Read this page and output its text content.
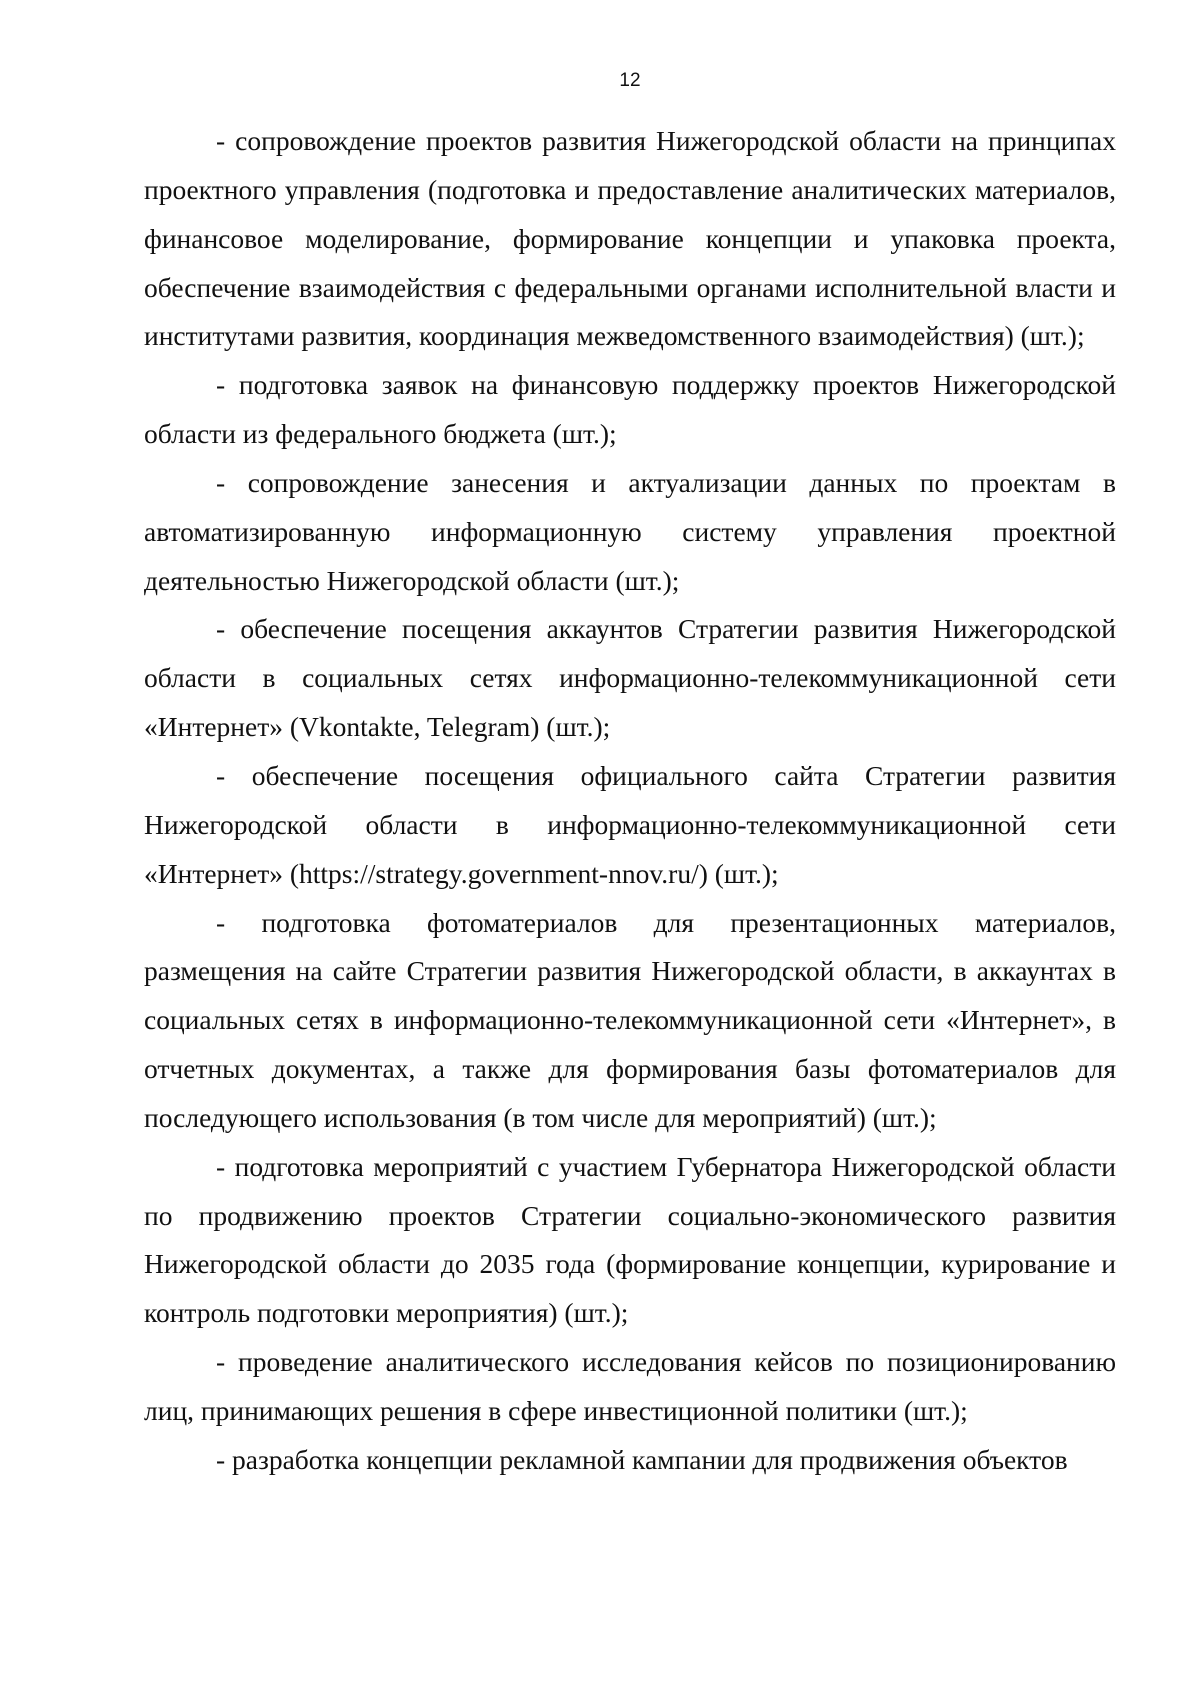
12

- сопровождение проектов развития Нижегородской области на принципах проектного управления (подготовка и предоставление аналитических материалов, финансовое моделирование, формирование концепции и упаковка проекта, обеспечение взаимодействия с федеральными органами исполнительной власти и институтами развития, координация межведомственного взаимодействия) (шт.);

- подготовка заявок на финансовую поддержку проектов Нижегородской области из федерального бюджета (шт.);

- сопровождение занесения и актуализации данных по проектам в автоматизированную информационную систему управления проектной деятельностью Нижегородской области (шт.);

- обеспечение посещения аккаунтов Стратегии развития Нижегородской области в социальных сетях информационно-телекоммуникационной сети «Интернет» (Vkontakte, Telegram) (шт.);

- обеспечение посещения официального сайта Стратегии развития Нижегородской области в информационно-телекоммуникационной сети «Интернет» (https://strategy.government-nnov.ru/) (шт.);

- подготовка фотоматериалов для презентационных материалов, размещения на сайте Стратегии развития Нижегородской области, в аккаунтах в социальных сетях в информационно-телекоммуникационной сети «Интернет», в отчетных документах, а также для формирования базы фотоматериалов для последующего использования (в том числе для мероприятий) (шт.);

- подготовка мероприятий с участием Губернатора Нижегородской области по продвижению проектов Стратегии социально-экономического развития Нижегородской области до 2035 года (формирование концепции, курирование и контроль подготовки мероприятия) (шт.);

- проведение аналитического исследования кейсов по позиционированию лиц, принимающих решения в сфере инвестиционной политики (шт.);

- разработка концепции рекламной кампании для продвижения объектов
